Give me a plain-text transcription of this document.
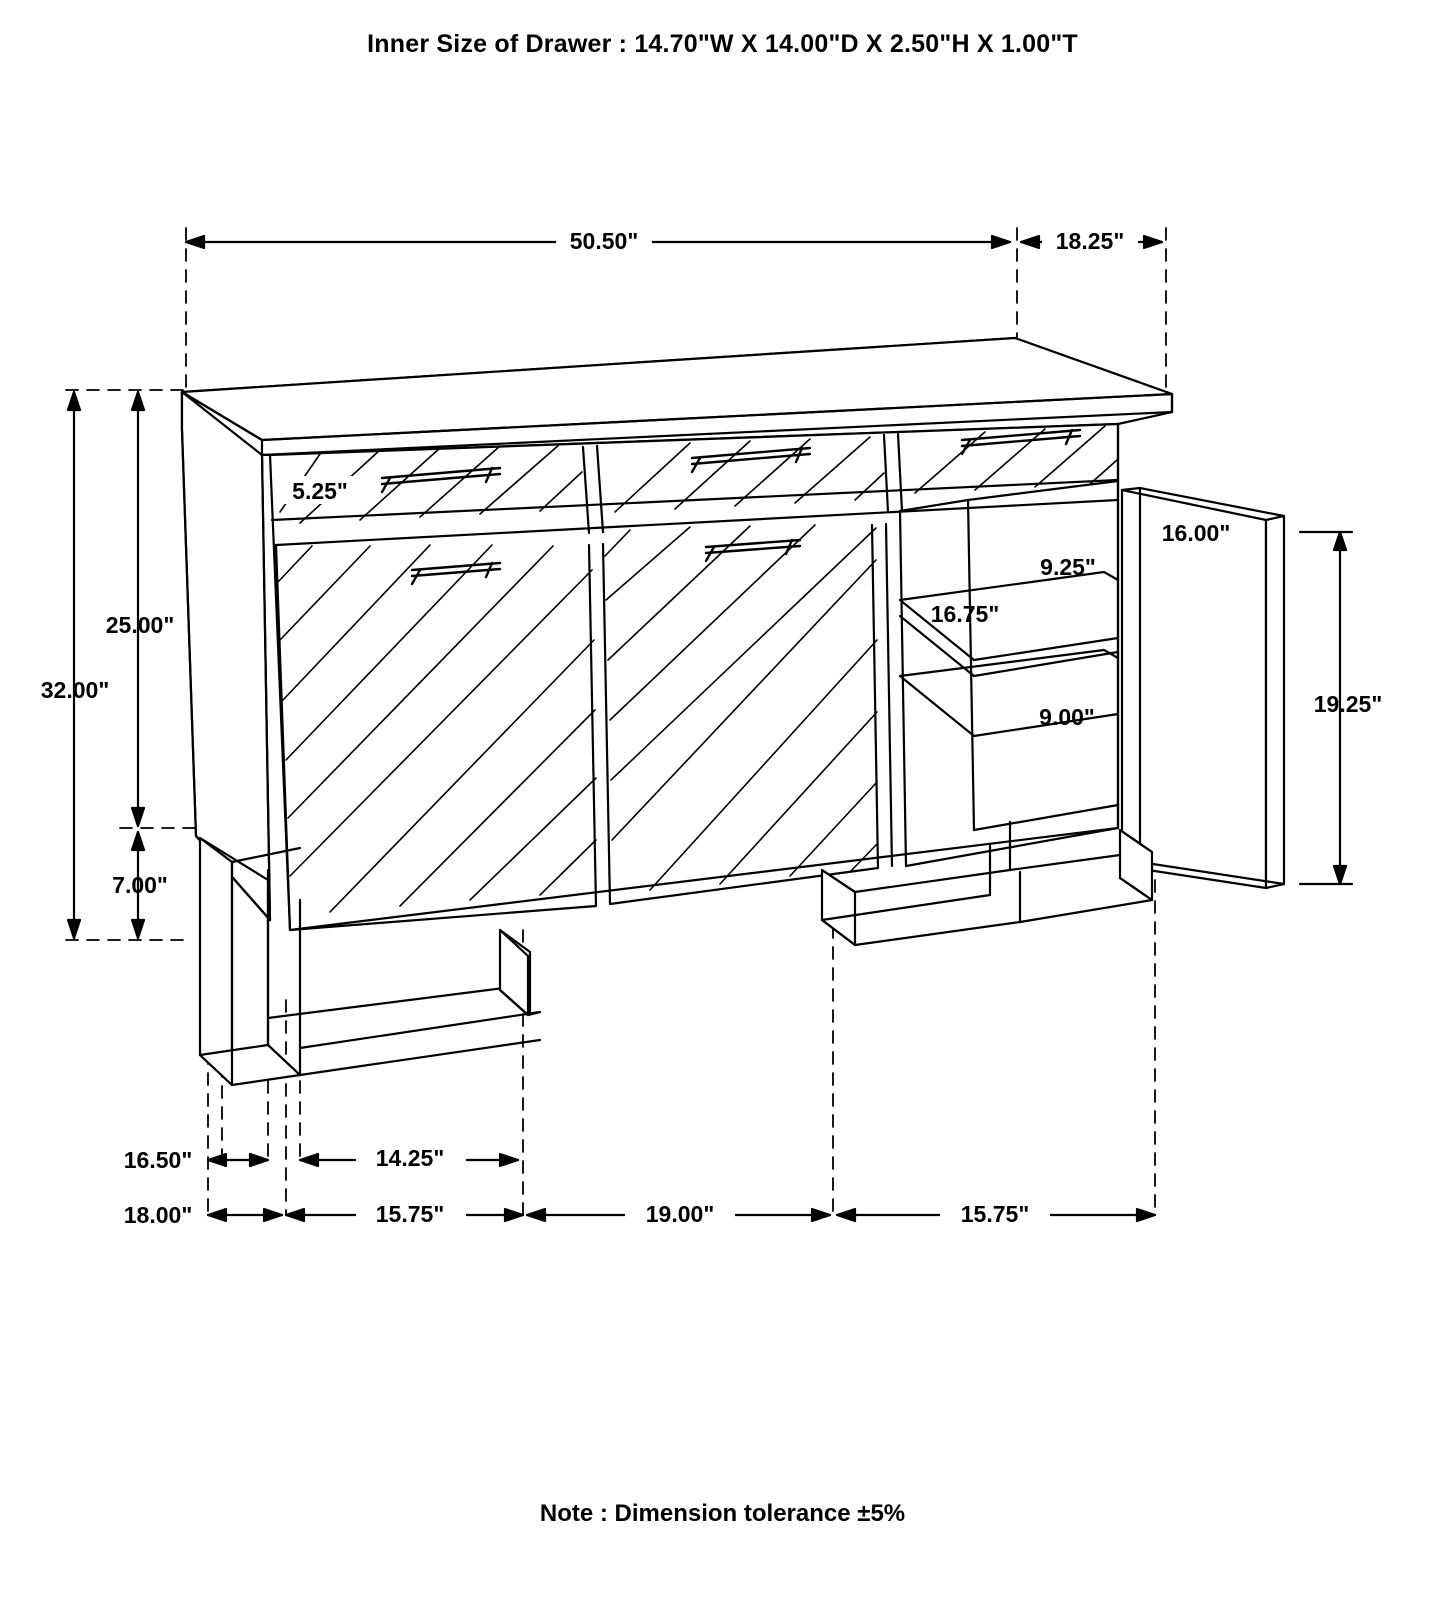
Inner Size of Drawer : 14.70"W X 14.00"D X 2.50"H X 1.00"T
50.50"	18.25"
32.00"
25.00"
7.00"
5.25"
16.00"
9.25"
16.75"
9.00"	19.25"
16.50"	14.25"
18.00"	15.75"	19.00"	15.75"
Note : Dimension tolerance ±5%
